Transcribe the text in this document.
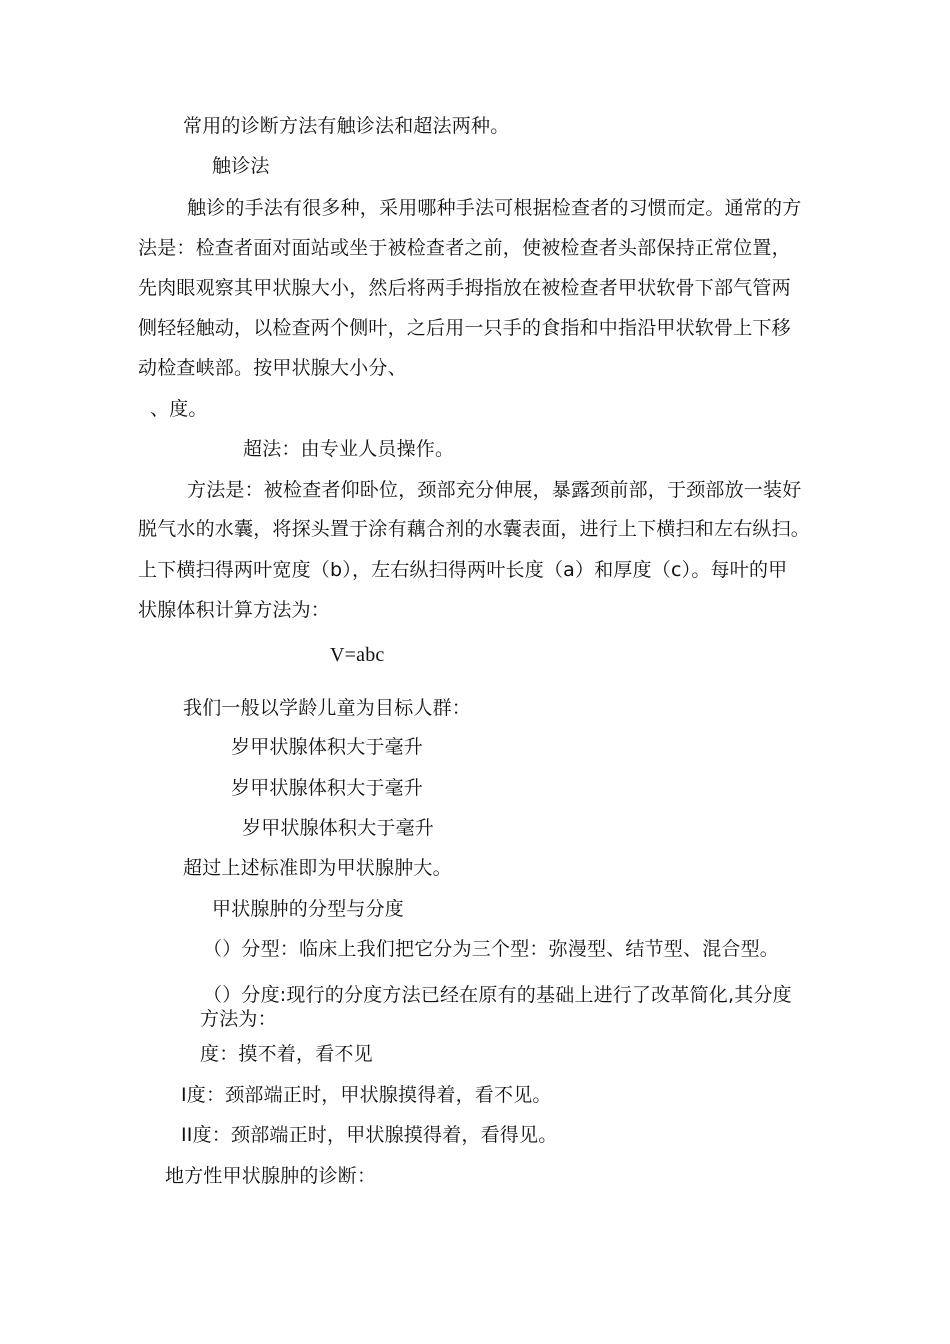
常用的诊断方法有触诊法和超法两种。
触诊法
触诊的手法有很多种，采用哪种手法可根据检查者的习惯而定。通常的方
法是：检查者面对面站或坐于被检查者之前，使被检查者头部保持正常位置，
先肉眼观察其甲状腺大小，然后将两手拇指放在被检查者甲状软骨下部气管两
侧轻轻触动，以检查两个侧叶，之后用一只手的食指和中指沿甲状软骨上下移
动检查峡部。按甲状腺大小分、
、度。
超法：由专业人员操作。
方法是：被检查者仰卧位，颈部充分伸展，暴露颈前部，于颈部放一装好
脱气水的水囊，将探头置于涂有藕合剂的水囊表面，进行上下横扫和左右纵扫。
上下横扫得两叶宽度（b），左右纵扫得两叶长度（a）和厚度（c）。每叶的甲
状腺体积计算方法为：
V=abc
我们一般以学龄儿童为目标人群：
岁甲状腺体积大于毫升
岁甲状腺体积大于毫升
岁甲状腺体积大于毫升
超过上述标准即为甲状腺肿大。
甲状腺肿的分型与分度
（）分型：临床上我们把它分为三个型：弥漫型、结节型、混合型。
（）分度:现行的分度方法已经在原有的基础上进行了改革简化,其分度
方法为：
度：摸不着，看不见
I度：颈部端正时，甲状腺摸得着，看不见。
II度：颈部端正时，甲状腺摸得着，看得见。
地方性甲状腺肿的诊断：
